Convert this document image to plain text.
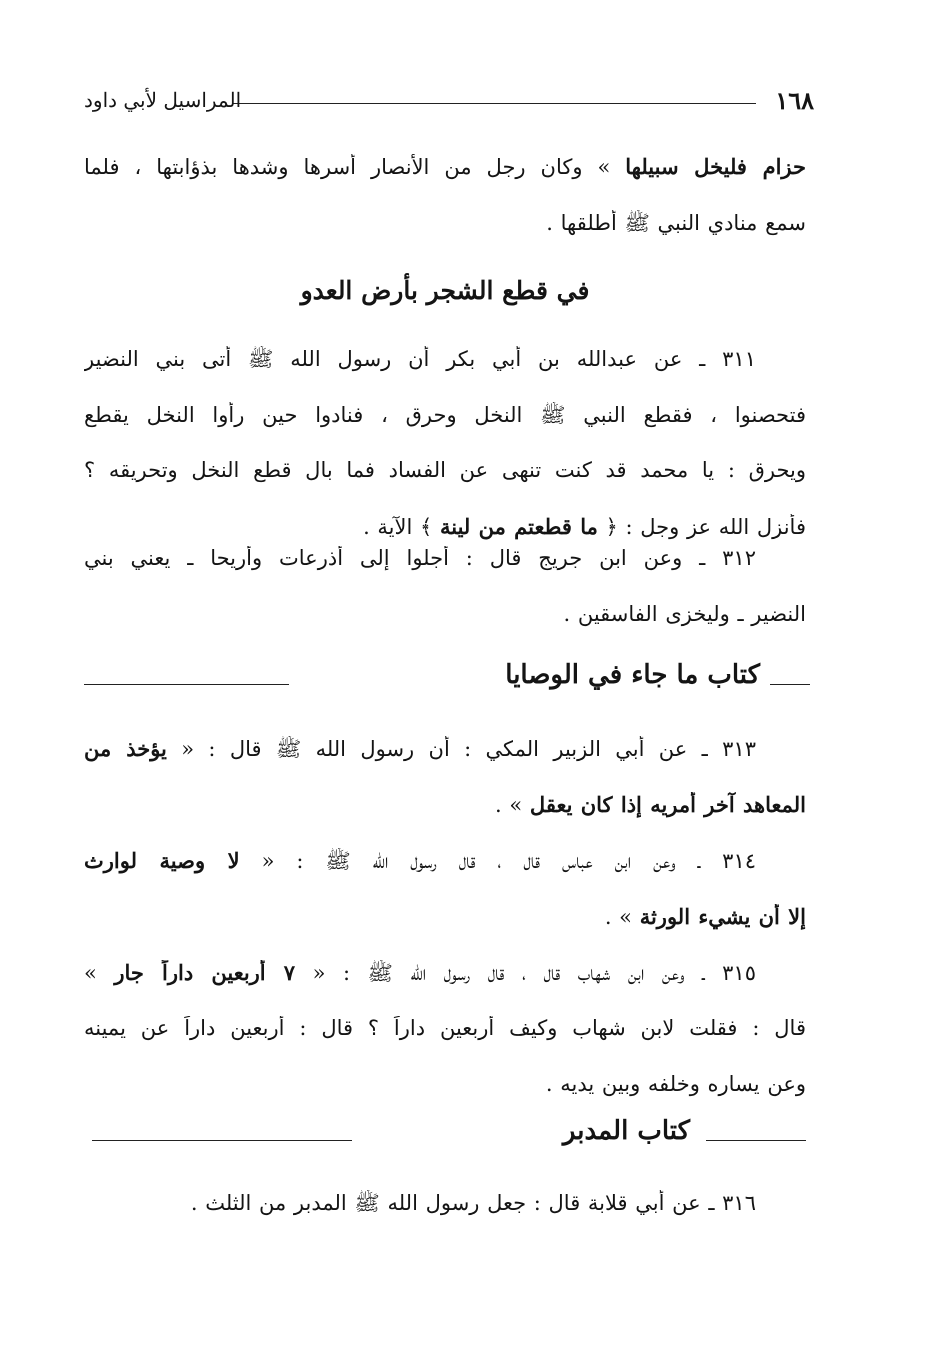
١٦٨
المراسيل لأبي داود
حزام فليخل سبيلها » وكان رجل من الأنصار أسرها وشدها بذؤابتها ، فلما
سمع منادي النبي ﷺ أطلقها .
في قطع الشجر بأرض العدو
٣١١ ـ عن عبدالله بن أبي بكر أن رسول الله ﷺ أتى بني النضير
فتحصنوا ، فقطع النبي ﷺ النخل وحرق ، فنادوا حين رأوا النخل يقطع
ويحرق : يا محمد قد كنت تنهى عن الفساد فما بال قطع النخل وتحريقه ؟
فأنزل الله عز وجل : ﴿ ما قطعتم من لينة ﴾ الآية .
٣١٢ ـ وعن ابن جريج قال : أجلوا إلى أذرعات وأريحا ـ يعني بني
النضير ـ وليخزى الفاسقين .
كتاب ما جاء في الوصايا
٣١٣ ـ عن أبي الزبير المكي : أن رسول الله ﷺ قال : « يؤخذ من
المعاهد آخر أمريه إذا كان يعقل » .
٣١٤ ـ وعن ابن عباس قال ، قال رسول الله ﷺ : « لا وصية لوارث
إلا أن يشيء الورثة » .
٣١٥ ـ وعن ابن شهاب قال ، قال رسول الله ﷺ : « ٧ أربعين داراً جار »
قال : فقلت لابن شهاب وكيف أربعين داراً ؟ قال : أربعين داراً عن يمينه
وعن يساره وخلفه وبين يديه .
كتاب المدبر
٣١٦ ـ عن أبي قلابة قال : جعل رسول الله ﷺ المدبر من الثلث .
